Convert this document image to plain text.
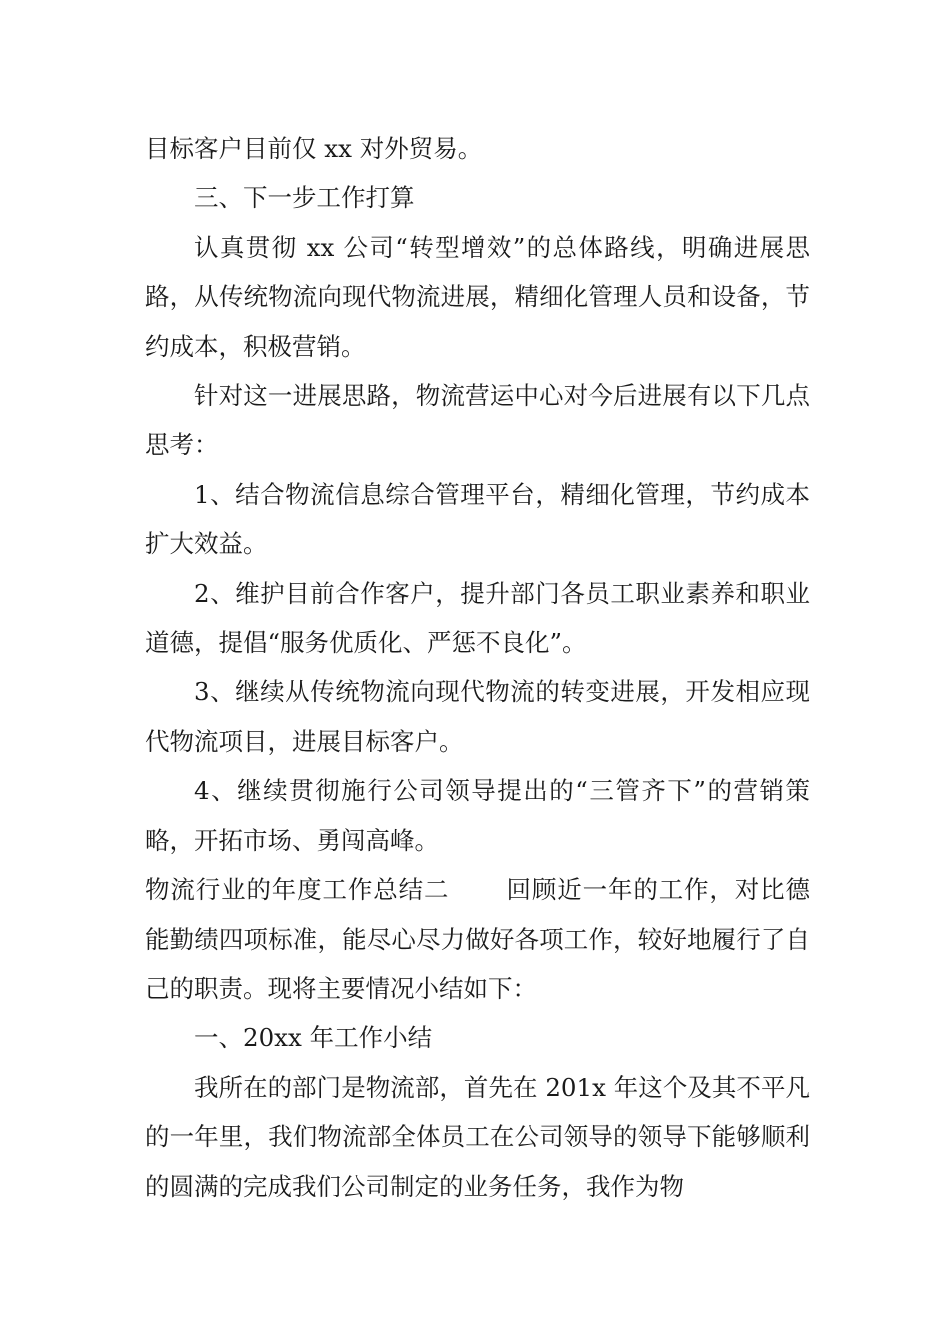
目标客户目前仅 xx 对外贸易。

三、下一步工作打算

认真贯彻 xx 公司“转型增效”的总体路线，明确进展思路，从传统物流向现代物流进展，精细化管理人员和设备，节约成本，积极营销。

针对这一进展思路，物流营运中心对今后进展有以下几点思考：

1、结合物流信息综合管理平台，精细化管理，节约成本扩大效益。

2、维护目前合作客户，提升部门各员工职业素养和职业道德，提倡“服务优质化、严惩不良化”。

3、继续从传统物流向现代物流的转变进展，开发相应现代物流项目，进展目标客户。

4、继续贯彻施行公司领导提出的“三管齐下”的营销策略，开拓市场、勇闯高峰。

物流行业的年度工作总结二 回顾近一年的工作，对比德能勤绩四项标准，能尽心尽力做好各项工作，较好地履行了自己的职责。现将主要情况小结如下：

一、20xx 年工作小结

我所在的部门是物流部，首先在 201x 年这个及其不平凡的一年里，我们物流部全体员工在公司领导的领导下能够顺利的圆满的完成我们公司制定的业务任务，我作为物
